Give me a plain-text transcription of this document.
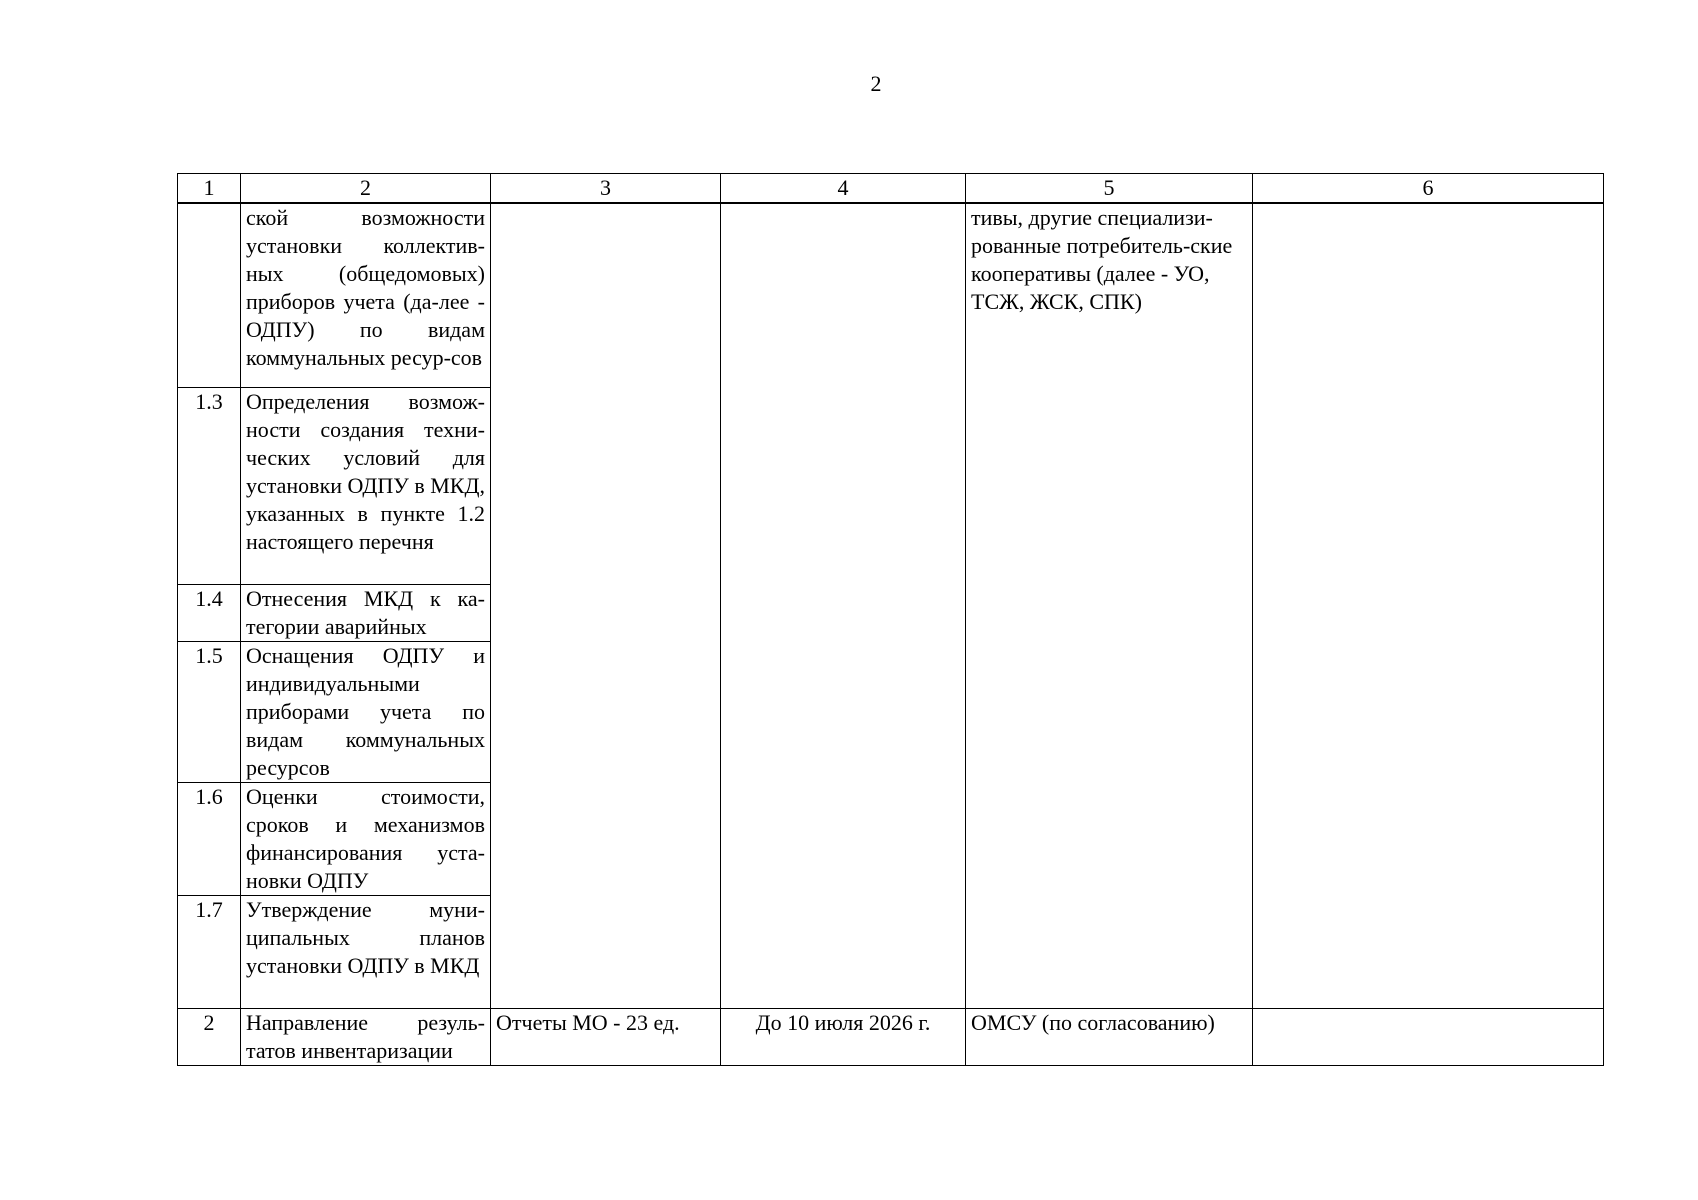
2
1	2	3	4	5	6
	ской возможности установки коллектив-ных (общедомовых) приборов учета (да-лее - ОДПУ) по видам коммунальных ресур-сов			тивы, другие специализи-рованные потребитель-ские кооперативы (далее - УО, ТСЖ, ЖСК, СПК)	
1.3	Определения возмож-ности создания техни-ческих условий для установки ОДПУ в МКД, указанных в пункте 1.2 настоящего перечня				
1.4	Отнесения МКД к ка-тегории аварийных				
1.5	Оснащения ОДПУ и индивидуальными приборами учета по видам коммунальных ресурсов				
1.6	Оценки стоимости, сроков и механизмов финансирования уста-новки ОДПУ				
1.7	Утверждение муни-ципальных планов установки ОДПУ в МКД				
2	Направление резуль-татов инвентаризации	Отчеты МО - 23 ед.	До 10 июля 2026 г.	ОМСУ (по согласованию)	
